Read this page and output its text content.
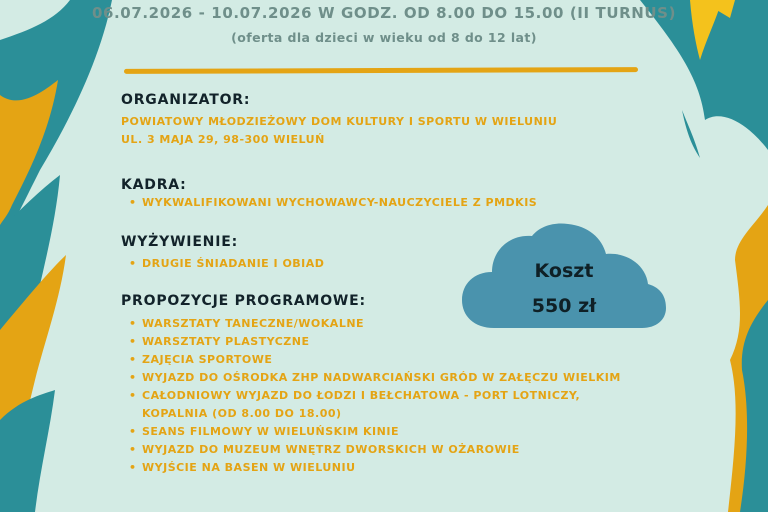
06.07.2026 - 10.07.2026 W GODZ. OD 8.00 DO 15.00 (II TURNUS)
(oferta dla dzieci w wieku od 8 do 12 lat)
ORGANIZATOR:
POWIATOWY MŁODZIEŻOWY DOM KULTURY I SPORTU W WIELUNIU
UL. 3 MAJA 29, 98-300 WIELUŃ
KADRA:
• WYKWALIFIKOWANI WYCHOWAWCY-NAUCZYCIELE Z PMDKIS
WYŻYWIENIE:
• DRUGIE ŚNIADANIE I OBIAD
PROPOZYCJE PROGRAMOWE:
• WARSZTATY TANECZNE/WOKALNE
• WARSZTATY PLASTYCZNE
• ZAJĘCIA SPORTOWE
• WYJAZD DO OŚRODKA ZHP NADWARCIAŃSKI GRÓD W ZAŁĘCZU WIELKIM
• CAŁODNIOWY WYJAZD DO ŁODZI I BEŁCHATOWA - PORT LOTNICZY,
KOPALNIA (OD 8.00 DO 18.00)
• SEANS FILMOWY W WIELUŃSKIM KINIE
• WYJAZD DO MUZEUM WNĘTRZ DWORSKICH W OŻAROWIE
• WYJŚCIE NA BASEN W WIELUNIU
Koszt
550 zł
